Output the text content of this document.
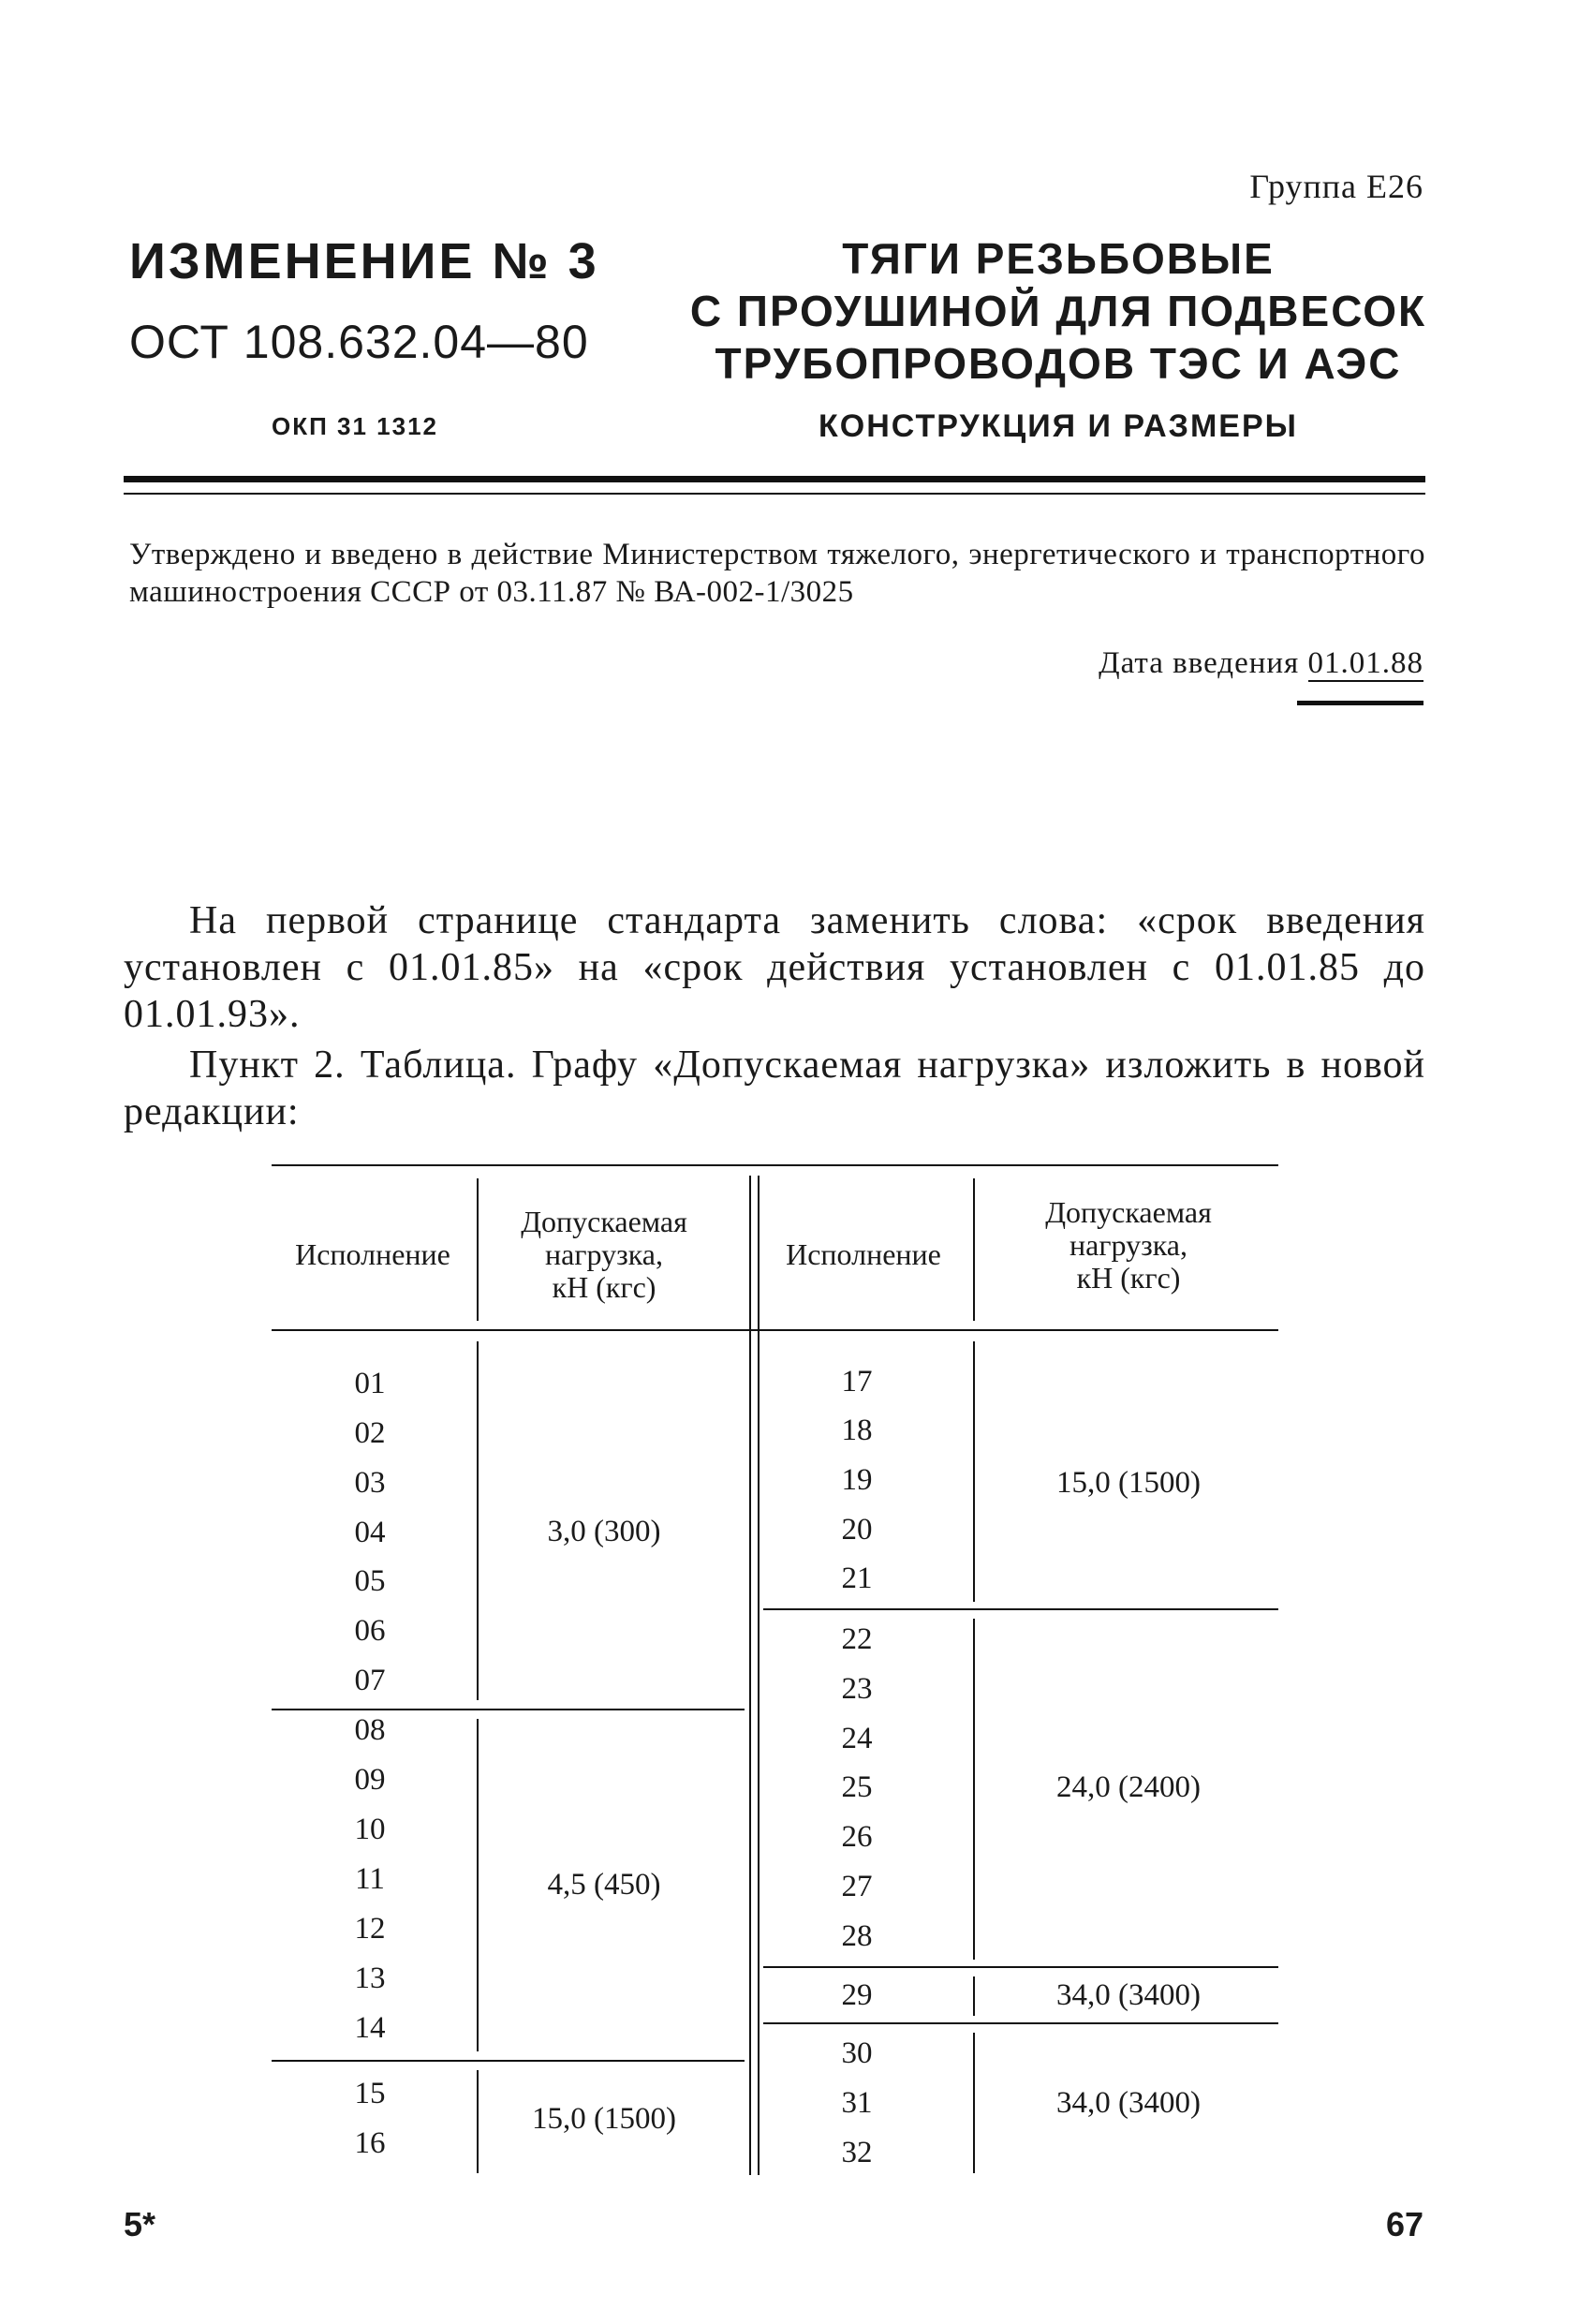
Группа Е26
ИЗМЕНЕНИЕ № 3
ОСТ 108.632.04—80
ОКП 31 1312
ТЯГИ РЕЗЬБОВЫЕ
С ПРОУШИНОЙ ДЛЯ ПОДВЕСОК
ТРУБОПРОВОДОВ ТЭС И АЭС
КОНСТРУКЦИЯ И РАЗМЕРЫ
Утверждено и введено в действие Министерством тяжелого, энергетического и транспортного машиностроения СССР от 03.11.87 № ВА-002-1/3025
Дата введения 01.01.88
На первой странице стандарта заменить слова: «срок введения установлен с 01.01.85» на «срок действия установлен с 01.01.85 до 01.01.93».
Пункт 2. Таблица. Графу «Допускаемая нагрузка» изложить в новой редакции:
Исполнение
Допускаемая
нагрузка,
кН (кгс)
Исполнение
Допускаемая
нагрузка,
кН (кгс)
01
02
03
04
05
06
07
08
09
10
11
12
13
14
15
16
17
18
19
20
21
22
23
24
25
26
27
28
29
30
31
32
3,0 (300)
4,5 (450)
15,0 (1500)
15,0 (1500)
24,0 (2400)
34,0 (3400)
34,0 (3400)
5*	67
